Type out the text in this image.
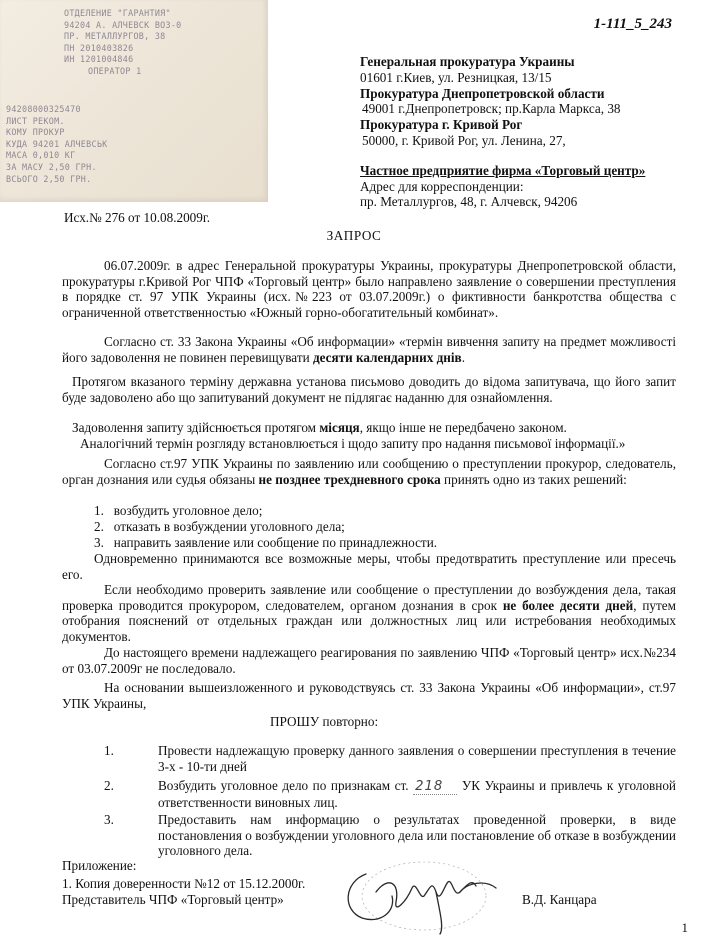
ОТДЕЛЕНИЕ "ГАРАНТИЯ"
94204 А. АЛЧЕВСК ВОЗ-0
ПР. МЕТАЛЛУРГОВ, 38
ПН 2010403826
ИН 1201004846
ОПЕРАТОР 1
94208000325470
ЛИСТ РЕКОМ.
КОМУ ПРОКУР
КУДА 94201 АЛЧЕВСЬК
МАСА 0,010 КГ
ЗА МАСУ 2,50 ГРН.
ВСЬОГО 2,50 ГРН.
1-111_5_243
Генеральная прокуратура Украины
01601 г.Киев, ул. Резницкая, 13/15
Прокуратура Днепропетровской области
49001 г.Днепропетровск; пр.Карла Маркса, 38
Прокуратура г. Кривой Рог
50000, г. Кривой Рог, ул. Ленина, 27,
Частное предприятие фирма «Торговый центр»
Адрес для корреспонденции:
пр. Металлургов, 48, г. Алчевск, 94206
Исх.№ 276 от 10.08.2009г.
ЗАПРОС
06.07.2009г. в адрес Генеральной прокуратуры Украины, прокуратуры Днепропетровской области, прокуратуры г.Кривой Рог ЧПФ «Торговый центр» было направлено заявление о совершении преступления в порядке ст. 97 УПК Украины (исх.№223 от 03.07.2009г.) о фиктивности банкротства общества с ограниченной ответственностью «Южный горно-обогатительный комбинат».
Согласно ст. 33 Закона Украины «Об информации» «термін вивчення запиту на предмет можливості його задоволення не повинен перевищувати десяти календарних днів.
Протягом вказаного терміну державна установа письмово доводить до відома запитувача, що його запит буде задоволено або що запитуваний документ не підлягає наданню для ознайомлення.
Задоволення запиту здійснюється протягом місяця, якщо інше не передбачено законом.
Аналогічний термін розгляду встановлюється і щодо запиту про надання письмової інформації.»
Согласно ст.97 УПК Украины по заявлению или сообщению о преступлении прокурор, следователь, орган дознания или судья обязаны не позднее трехдневного срока принять одно из таких решений:
1.   возбудить уголовное дело;
2.   отказать в возбуждении уголовного дела;
3.   направить заявление или сообщение по принадлежности.
Одновременно принимаются все возможные меры, чтобы предотвратить преступление или пресечь его.
Если необходимо проверить заявление или сообщение о преступлении до возбуждения дела, такая проверка проводится прокурором, следователем, органом дознания в срок не более десяти дней, путем отобрания пояснений от отдельных граждан или должностных лиц или истребования необходимых документов.
До настоящего времени надлежащего реагирования по заявлению ЧПФ «Торговый центр» исх.№234 от 03.07.2009г не последовало.
На основании вышеизложенного и руководствуясь ст. 33 Закона Украины «Об информации», ст.97 УПК Украины,
ПРОШУ повторно:
1.	Провести надлежащую проверку данного заявления о совершении преступления в течение 3-х - 10-ти дней
2.	Возбудить уголовное дело по признакам ст. 218 УК Украины и привлечь к уголовной ответственности виновных лиц.
3.	Предоставить нам информацию о результатах проведенной проверки, в виде постановления о возбуждении уголовного дела или постановление об отказе в возбуждении уголовного дела.
Приложение:
1. Копия доверенности №12 от 15.12.2000г.
Представитель ЧПФ «Торговый центр»	В.Д. Канцара
1
